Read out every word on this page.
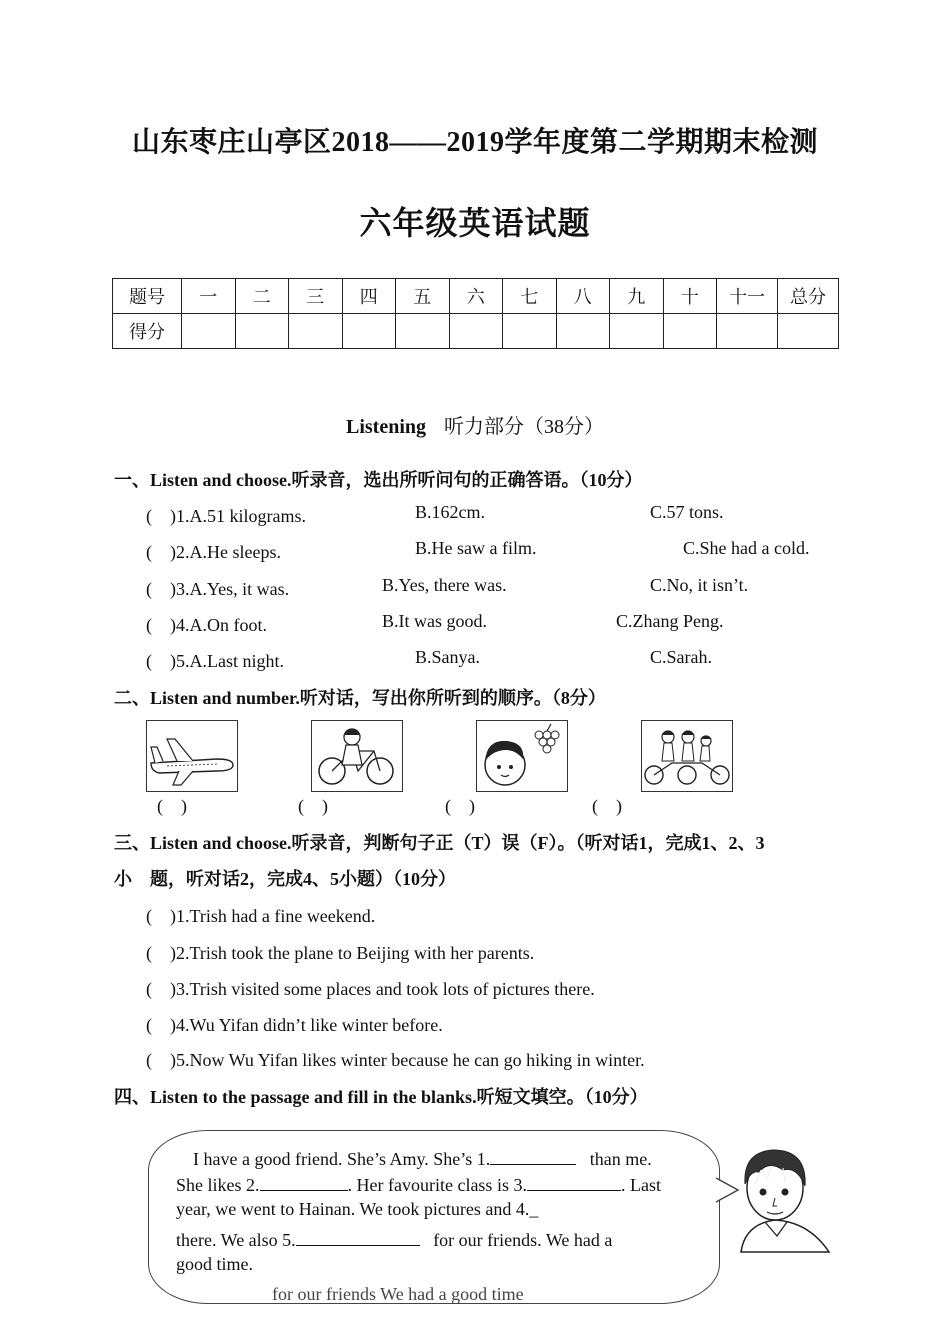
山东枣庄山亭区2018——2019学年度第二学期期末检测
六年级英语试题
题号	一	二	三	四	五	六	七	八	九	十	十一	总分
得分												
Listening 听力部分（38分）
一、Listen and choose.听录音，选出所听问句的正确答语。（10分）
(　)1.A.51 kilograms.	B.162cm.	C.57 tons.
(　)2.A.He sleeps.	B.He saw a film.	C.She had a cold.
(　)3.A.Yes, it was.	B.Yes, there was.	C.No, it isn’t.
(　)4.A.On foot.	B.It was good.	C.Zhang Peng.
(　)5.A.Last night.	B.Sanya.	C.Sarah.
二、Listen and number.听对话，写出你所听到的顺序。（8分）
(　)	(　)	(　)	(　)
三、Listen and choose.听录音，判断句子正（T）误（F）。（听对话1，完成1、2、3
小　题，听对话2，完成4、5小题）（10分）
(　)1.Trish had a fine weekend.
(　)2.Trish took the plane to Beijing with her parents.
(　)3.Trish visited some places and took lots of pictures there.
(　)4.Wu Yifan didn’t like winter before.
(　)5.Now Wu Yifan likes winter because he can go hiking in winter.
四、Listen to the passage and fill in the blanks.听短文填空。（10分）
I have a good friend. She’s Amy. She’s 1.	than me.
She likes 2.	. Her favourite class is 3.	. Last
year, we went to Hainan. We took pictures and 4._
there. We also 5.	for our friends. We had a
good time.
for our friends We had a good time
